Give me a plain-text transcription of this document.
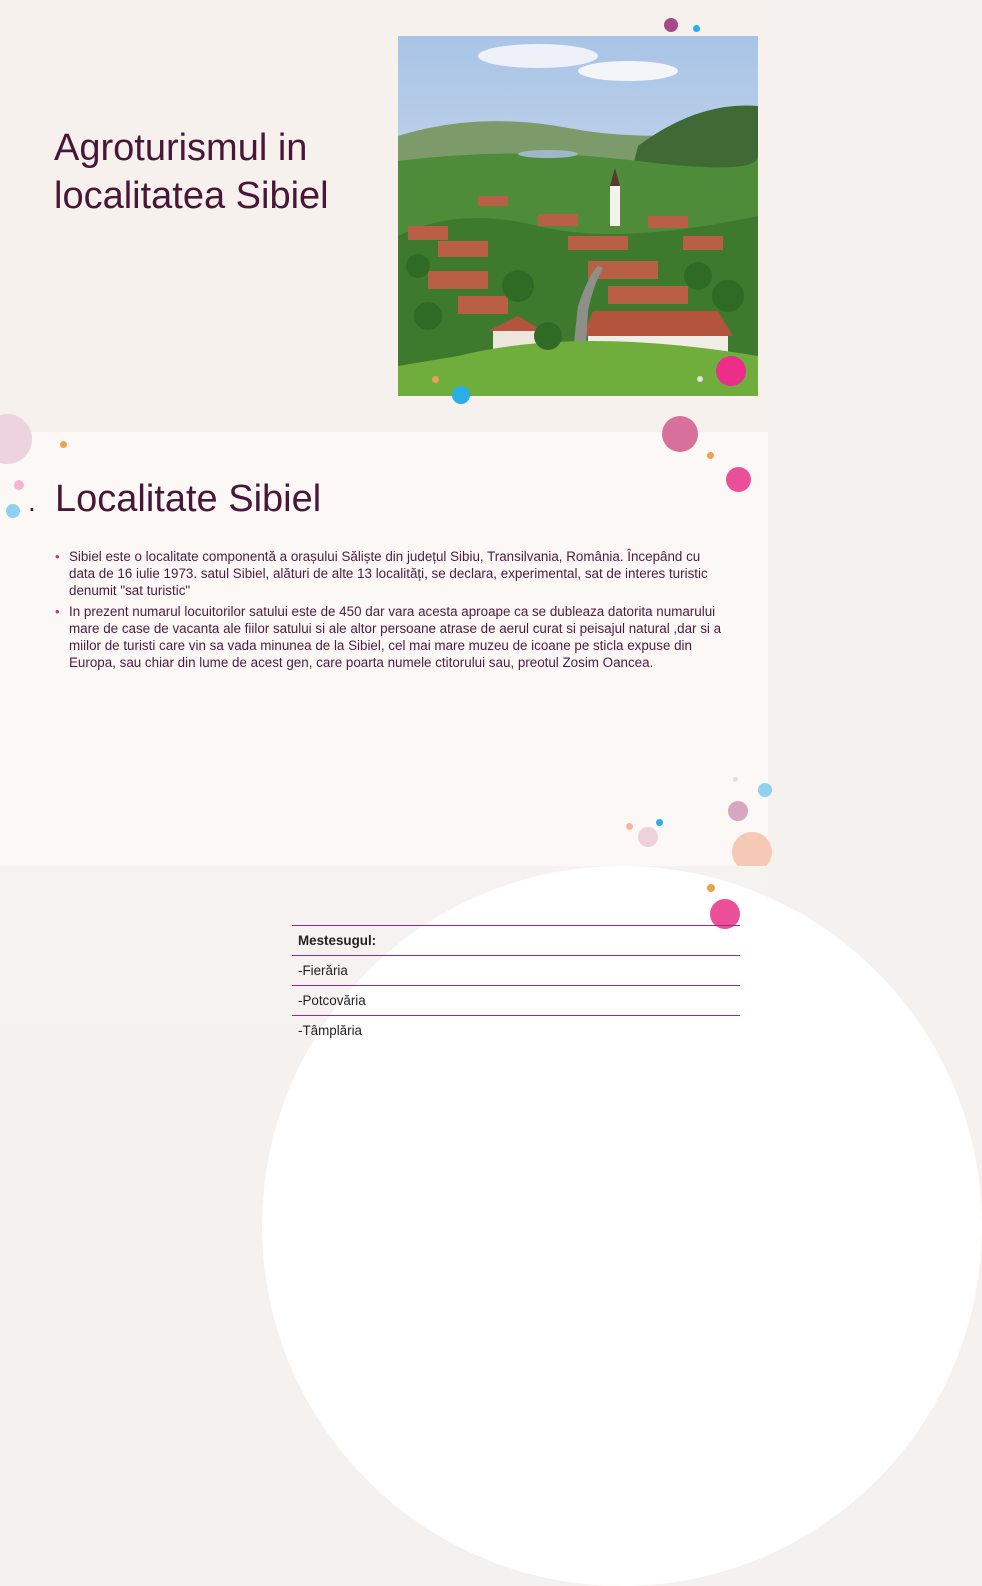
Agroturismul in
localitatea Sibiel
. Localitate Sibiel
• Sibiel este o localitate componentă a orașului Săliște din județul Sibiu, Transilvania, România. Începând cu data de 16 iulie 1973. satul Sibiel, alături de alte 13 localități, se declara, experimental, sat de interes turistic denumit "sat turistic"
• In prezent numarul locuitorilor satului este de 450 dar vara acesta aproape ca se dubleaza datorita numarului mare de case de vacanta ale fiilor satului si ale altor persoane atrase de aerul curat si peisajul natural ,dar si a miilor de turisti care vin sa vada minunea de la Sibiel, cel mai mare muzeu de icoane pe sticla expuse din Europa, sau chiar din lume de acest gen, care poarta numele ctitorului sau, preotul Zosim Oancea.
Mestesugul:
-Fierăria
-Potcovăria
-Tâmplăria
